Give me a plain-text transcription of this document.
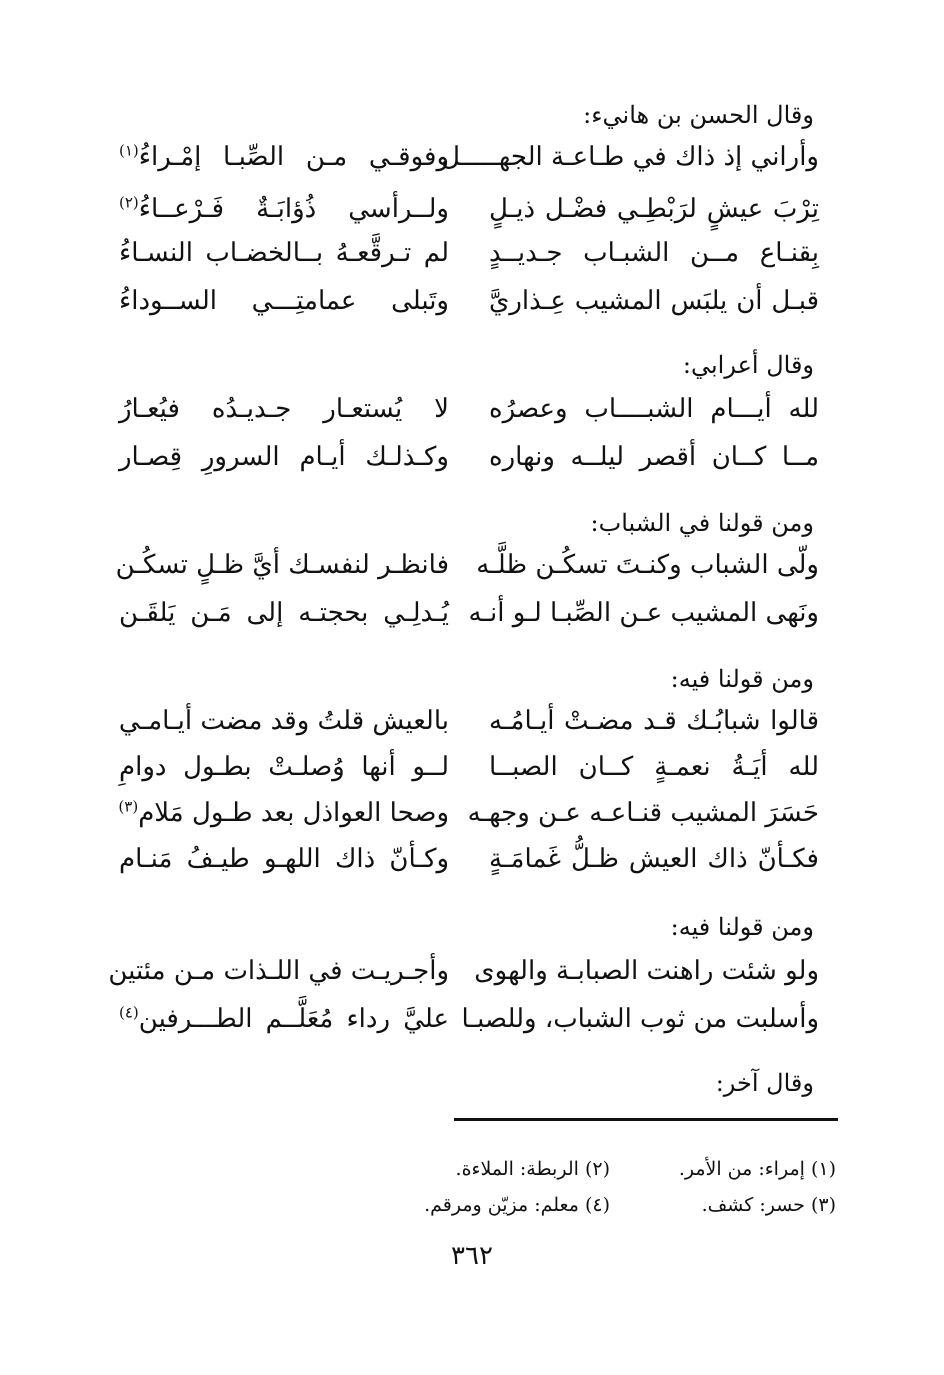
وقال الحسن بن هانيء:
وأراني إذ ذاك في طـاعـة الجهـــــل
وفوقـي مـن الصِّبـا إمْـراءُ$^{(١)}$
تِرْبَ عيشٍ لرَبْطِـي فضْـل ذيـلٍ
ولــرأسي ذُؤابَـةٌ فَـرْعــاءُ$^{(٢)}$
بِقنـاع مــن الشبـاب جـديــدٍ
لم تـرقَّعـهُ بــالخضـاب النسـاءُ
قبـل أن يلبَس المشيب عِـذاريَّ
وتَبلى عمامتِـــي الســوداءُ
وقال أعرابي:
لله أيـــام الشبــــاب وعصرُه
لا يُستعـار جـديـدُه فيُعـارُ
مــا كــان أقصر ليلــه ونهاره
وكـذلـك أيـام السرورِ قِصـار
ومن قولنا في الشباب:
ولّى الشباب وكنـتَ تسكُـن ظلَّـه
فانظـر لنفسـك أيَّ ظـلٍ تسكُـن
ونَهى المشيب عـن الصِّبـا لـو أنـه
يُـدلِـي بحجتـه إلى مَـن يَلقَـن
ومن قولنا فيه:
قالوا شبابُـك قـد مضـتْ أيـامُـه
بالعيش قلتُ وقد مضت أيـامـي
لله أيَـةُ نعمـةٍ كــان الصبــا
لــو أنها وُصلـتْ بطـول دوامِ
حَسَرَ المشيب قنـاعـه عـن وجهـه
وصحا العواذل بعد طـول مَلام$^{(٣)}$
فكـأنّ ذاك العيش ظـلُّ غَمامَـةٍ
وكـأنّ ذاك اللهـو طيـفُ مَنـام
ومن قولنا فيه:
ولو شئت راهنت الصبابـة والهوى
وأجـريـت في اللـذات مـن مئتين
وأسلبت من ثوب الشباب، وللصبـا
عليَّ رداء مُعَلَّــم الطـــرفين$^{(٤)}$
وقال آخر:
(١) إمراء: من الأمر.
(٢) الربطة: الملاءة.
(٣) حسر: كشف.
(٤) معلم: مزيّن ومرقم.
٣٦٢
